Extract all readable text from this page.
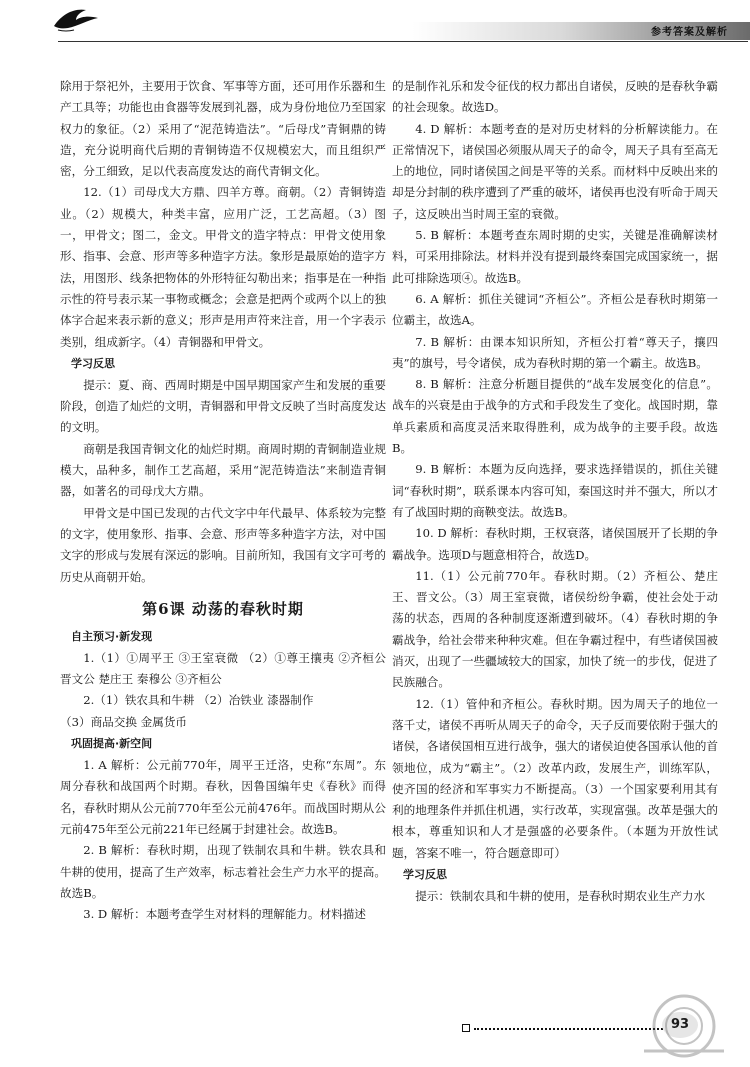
参考答案及解析

除用于祭祀外，主要用于饮食、军事等方面，还可用作乐器和生产工具等；功能也由食器等发展到礼器，成为身份地位乃至国家权力的象征。（2）采用了“泥范铸造法”。“后母戊”青铜鼎的铸造，充分说明商代后期的青铜铸造不仅规模宏大，而且组织严密，分工细致，足以代表高度发达的商代青铜文化。

12.（1）司母戊大方鼎、四羊方尊。商朝。（2）青铜铸造业。（2）规模大，种类丰富，应用广泛，工艺高超。（3）图一，甲骨文；图二，金文。甲骨文的造字特点：甲骨文使用象形、指事、会意、形声等多种造字方法。象形是最原始的造字方法，用图形、线条把物体的外形特征勾勒出来；指事是在一种指示性的符号表示某一事物或概念；会意是把两个或两个以上的独体字合起来表示新的意义；形声是用声符来注音，用一个字表示类别，组成新字。（4）青铜器和甲骨文。

学习反思

提示：夏、商、西周时期是中国早期国家产生和发展的重要阶段，创造了灿烂的文明，青铜器和甲骨文反映了当时高度发达的文明。

商朝是我国青铜文化的灿烂时期。商周时期的青铜制造业规模大，品种多，制作工艺高超，采用“泥范铸造法”来制造青铜器，如著名的司母戊大方鼎。

甲骨文是中国已发现的古代文字中年代最早、体系较为完整的文字，使用象形、指事、会意、形声等多种造字方法，对中国文字的形成与发展有深远的影响。目前所知，我国有文字可考的历史从商朝开始。

第6课 动荡的春秋时期

自主预习·新发现

1.（1）①周平王 ③王室衰微 （2）①尊王攘夷 ②齐桓公 晋文公 楚庄王 秦穆公 ③齐桓公

2.（1）铁农具和牛耕 （2）冶铁业 漆器制作

（3）商品交换 金属货币

巩固提高·新空间

1. A 解析：公元前770年，周平王迁洛，史称“东周”。东周分春秋和战国两个时期。春秋，因鲁国编年史《春秋》而得名，春秋时期从公元前770年至公元前476年。而战国时期从公元前475年至公元前221年已经属于封建社会。故选B。

2. B 解析：春秋时期，出现了铁制农具和牛耕。铁农具和牛耕的使用，提高了生产效率，标志着社会生产力水平的提高。故选B。

3. D 解析：本题考查学生对材料的理解能力。材料描述

的是制作礼乐和发令征伐的权力都出自诸侯，反映的是春秋争霸的社会现象。故选D。

4. D 解析：本题考查的是对历史材料的分析解读能力。在正常情况下，诸侯国必须服从周天子的命令，周天子具有至高无上的地位，同时诸侯国之间是平等的关系。而材料中反映出来的却是分封制的秩序遭到了严重的破坏，诸侯再也没有听命于周天子，这反映出当时周王室的衰微。

5. B 解析：本题考查东周时期的史实，关键是准确解读材料，可采用排除法。材料并没有提到最终秦国完成国家统一，据此可排除选项④。故选B。

6. A 解析：抓住关键词“齐桓公”。齐桓公是春秋时期第一位霸主，故选A。

7. B 解析：由课本知识所知，齐桓公打着“尊天子，攘四夷”的旗号，号令诸侯，成为春秋时期的第一个霸主。故选B。

8. B 解析：注意分析题目提供的“战车发展变化的信息”。战车的兴衰是由于战争的方式和手段发生了变化。战国时期，靠单兵素质和高度灵活来取得胜利，成为战争的主要手段。故选B。

9. B 解析：本题为反向选择，要求选择错误的，抓住关键词“春秋时期”，联系课本内容可知，秦国这时并不强大，所以才有了战国时期的商鞅变法。故选B。

10. D 解析：春秋时期，王权衰落，诸侯国展开了长期的争霸战争。选项D与题意相符合，故选D。

11.（1）公元前770年。春秋时期。（2）齐桓公、楚庄王、晋文公。（3）周王室衰微，诸侯纷纷争霸，使社会处于动荡的状态，西周的各种制度逐渐遭到破坏。（4）春秋时期的争霸战争，给社会带来种种灾难。但在争霸过程中，有些诸侯国被消灭，出现了一些疆域较大的国家，加快了统一的步伐，促进了民族融合。

12.（1）管仲和齐桓公。春秋时期。因为周天子的地位一落千丈，诸侯不再听从周天子的命令，天子反而要依附于强大的诸侯，各诸侯国相互进行战争，强大的诸侯迫使各国承认他的首领地位，成为“霸主”。（2）改革内政，发展生产，训练军队，使齐国的经济和军事实力不断提高。（3）一个国家要利用其有利的地理条件并抓住机遇，实行改革，实现富强。改革是强大的根本，尊重知识和人才是强盛的必要条件。（本题为开放性试题，答案不唯一，符合题意即可）

学习反思

提示：铁制农具和牛耕的使用，是春秋时期农业生产力水

93
